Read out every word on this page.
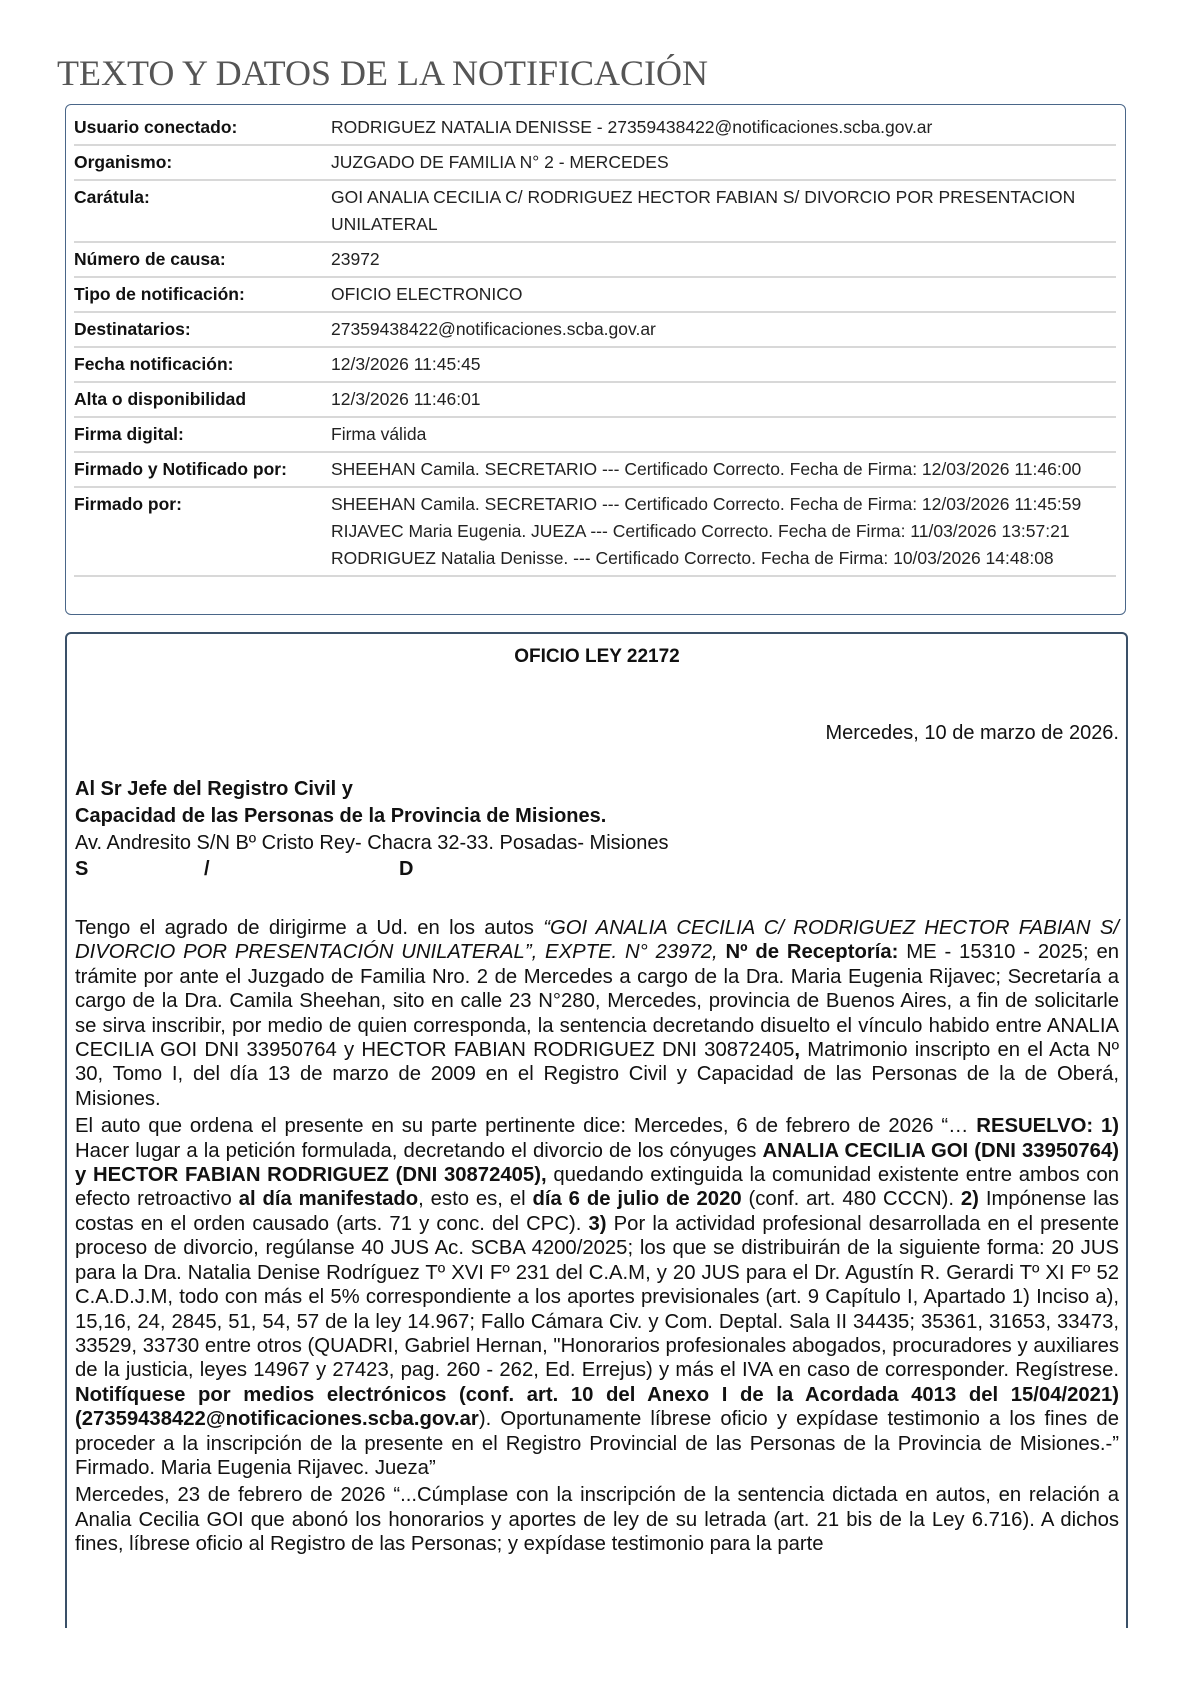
TEXTO Y DATOS DE LA NOTIFICACIÓN
Usuario conectado:	RODRIGUEZ NATALIA DENISSE - 27359438422@notificaciones.scba.gov.ar
Organismo:	JUZGADO DE FAMILIA N° 2 - MERCEDES
Carátula:	GOI ANALIA CECILIA C/ RODRIGUEZ HECTOR FABIAN S/ DIVORCIO POR PRESENTACION UNILATERAL
Número de causa:	23972
Tipo de notificación:	OFICIO ELECTRONICO
Destinatarios:	27359438422@notificaciones.scba.gov.ar
Fecha notificación:	12/3/2026 11:45:45
Alta o disponibilidad	12/3/2026 11:46:01
Firma digital:	Firma válida
Firmado y Notificado por:	SHEEHAN Camila. SECRETARIO --- Certificado Correcto. Fecha de Firma: 12/03/2026 11:46:00
Firmado por:	SHEEHAN Camila. SECRETARIO --- Certificado Correcto. Fecha de Firma: 12/03/2026 11:45:59 RIJAVEC Maria Eugenia. JUEZA --- Certificado Correcto. Fecha de Firma: 11/03/2026 13:57:21 RODRIGUEZ Natalia Denisse. --- Certificado Correcto. Fecha de Firma: 10/03/2026 14:48:08
OFICIO LEY 22172
Mercedes, 10 de marzo de 2026.
Al Sr Jefe del Registro Civil y
Capacidad de las Personas de la Provincia de Misiones.
Av. Andresito S/N Bº Cristo Rey- Chacra 32-33. Posadas- Misiones
S	/	D

Tengo el agrado de dirigirme a Ud. en los autos “GOI ANALIA CECILIA C/ RODRIGUEZ HECTOR FABIAN S/ DIVORCIO POR PRESENTACIÓN UNILATERAL”, EXPTE. N° 23972, Nº de Receptoría: ME - 15310 - 2025; en trámite por ante el Juzgado de Familia Nro. 2 de Mercedes a cargo de la Dra. Maria Eugenia Rijavec; Secretaría a cargo de la Dra. Camila Sheehan, sito en calle 23 N°280, Mercedes, provincia de Buenos Aires, a fin de solicitarle se sirva inscribir, por medio de quien corresponda, la sentencia decretando disuelto el vínculo habido entre ANALIA CECILIA GOI DNI 33950764 y HECTOR FABIAN RODRIGUEZ DNI 30872405, Matrimonio inscripto en el Acta Nº 30, Tomo I, del día 13 de marzo de 2009 en el Registro Civil y Capacidad de las Personas de la de Oberá, Misiones.

El auto que ordena el presente en su parte pertinente dice: Mercedes, 6 de febrero de 2026 “… RESUELVO: 1) Hacer lugar a la petición formulada, decretando el divorcio de los cónyuges ANALIA CECILIA GOI (DNI 33950764) y HECTOR FABIAN RODRIGUEZ (DNI 30872405), quedando extinguida la comunidad existente entre ambos con efecto retroactivo al día manifestado, esto es, el día 6 de julio de 2020 (conf. art. 480 CCCN). 2) Impónense las costas en el orden causado (arts. 71 y conc. del CPC). 3) Por la actividad profesional desarrollada en el presente proceso de divorcio, regúlanse 40 JUS Ac. SCBA 4200/2025; los que se distribuirán de la siguiente forma: 20 JUS para la Dra. Natalia Denise Rodríguez Tº XVI Fº 231 del C.A.M, y 20 JUS para el Dr. Agustín R. Gerardi Tº XI Fº 52 C.A.D.J.M, todo con más el 5% correspondiente a los aportes previsionales (art. 9 Capítulo I, Apartado 1) Inciso a), 15,16, 24, 2845, 51, 54, 57 de la ley 14.967; Fallo Cámara Civ. y Com. Deptal. Sala II 34435; 35361, 31653, 33473, 33529, 33730 entre otros (QUADRI, Gabriel Hernan, "Honorarios profesionales abogados, procuradores y auxiliares de la justicia, leyes 14967 y 27423, pag. 260 - 262, Ed. Errejus) y más el IVA en caso de corresponder. Regístrese. Notifíquese por medios electrónicos (conf. art. 10 del Anexo I de la Acordada 4013 del 15/04/2021) (27359438422@notificaciones.scba.gov.ar). Oportunamente líbrese oficio y expídase testimonio a los fines de proceder a la inscripción de la presente en el Registro Provincial de las Personas de la Provincia de Misiones.-” Firmado. Maria Eugenia Rijavec. Jueza”

Mercedes, 23 de febrero de 2026 “...Cúmplase con la inscripción de la sentencia dictada en autos, en relación a Analia Cecilia GOI que abonó los honorarios y aportes de ley de su letrada (art. 21 bis de la Ley 6.716). A dichos fines, líbrese oficio al Registro de las Personas; y expídase testimonio para la parte
